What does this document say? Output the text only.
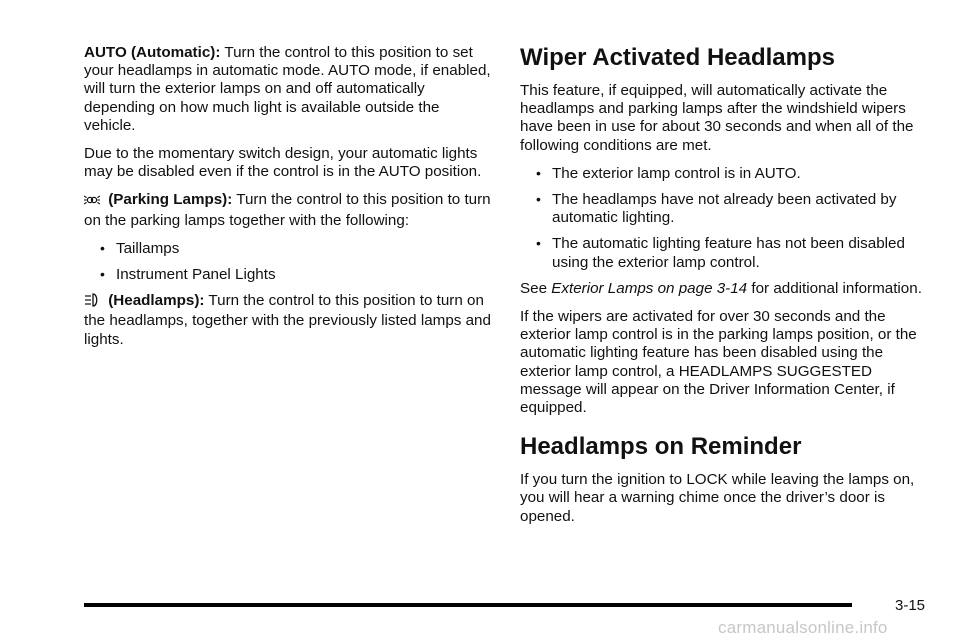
AUTO (Automatic): Turn the control to this position to set your headlamps in automatic mode. AUTO mode, if enabled, will turn the exterior lamps on and off automatically depending on how much light is available outside the vehicle.

Due to the momentary switch design, your automatic lights may be disabled even if the control is in the AUTO position.

(Parking Lamps): Turn the control to this position to turn on the parking lamps together with the following:

• Taillamps
• Instrument Panel Lights

(Headlamps): Turn the control to this position to turn on the headlamps, together with the previously listed lamps and lights.

Wiper Activated Headlamps

This feature, if equipped, will automatically activate the headlamps and parking lamps after the windshield wipers have been in use for about 30 seconds and when all of the following conditions are met.

• The exterior lamp control is in AUTO.
• The headlamps have not already been activated by automatic lighting.
• The automatic lighting feature has not been disabled using the exterior lamp control.

See Exterior Lamps on page 3-14 for additional information.

If the wipers are activated for over 30 seconds and the exterior lamp control is in the parking lamps position, or the automatic lighting feature has been disabled using the exterior lamp control, a HEADLAMPS SUGGESTED message will appear on the Driver Information Center, if equipped.

Headlamps on Reminder

If you turn the ignition to LOCK while leaving the lamps on, you will hear a warning chime once the driver’s door is opened.

3-15
carmanualsonline.info
